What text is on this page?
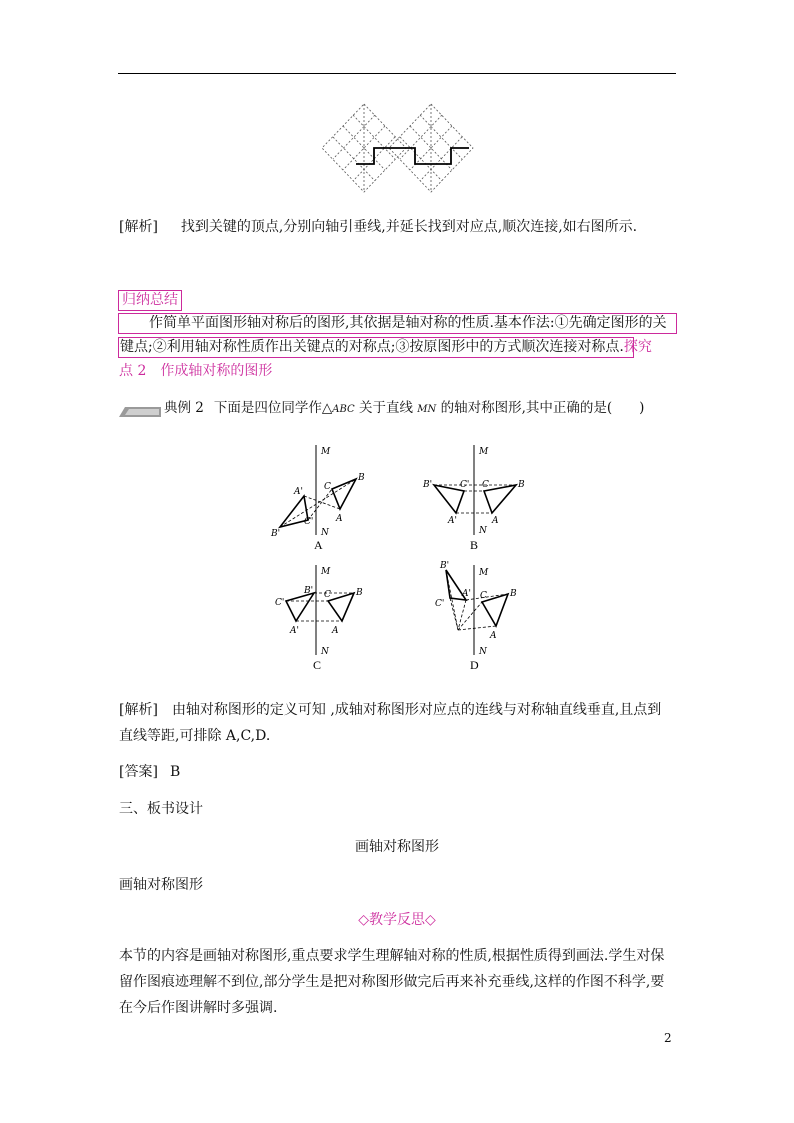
[解析] 找到关键的顶点,分别向轴引垂线,并延长找到对应点,顺次连接,如右图所示.
归纳总结
作简单平面图形轴对称后的图形,其依据是轴对称的性质.基本作法:①先确定图形的关
键点;②利用轴对称性质作出关键点的对称点;③按原图形中的方式顺次连接对称点.探究
点 2　作成轴对称的图形
典例 2 下面是四位同学作△ABC 关于直线 MN 的轴对称图形,其中正确的是(　　)
M
N
A'
B'
C'
C
A
B
A
M
N
B'
A'
C' C
A
B
B
M
N
B'
C'
A'
C
A
B
C
M
N
B'
C'
A' C
A
B
D
[解析] 由轴对称图形的定义可知 ,成轴对称图形对应点的连线与对称轴直线垂直,且点到
直线等距,可排除 A,C,D.
[答案] B
三、板书设计
画轴对称图形
画轴对称图形
◇教学反思◇
本节的内容是画轴对称图形,重点要求学生理解轴对称的性质,根据性质得到画法.学生对保
留作图痕迹理解不到位,部分学生是把对称图形做完后再来补充垂线,这样的作图不科学,要
在今后作图讲解时多强调.
2
